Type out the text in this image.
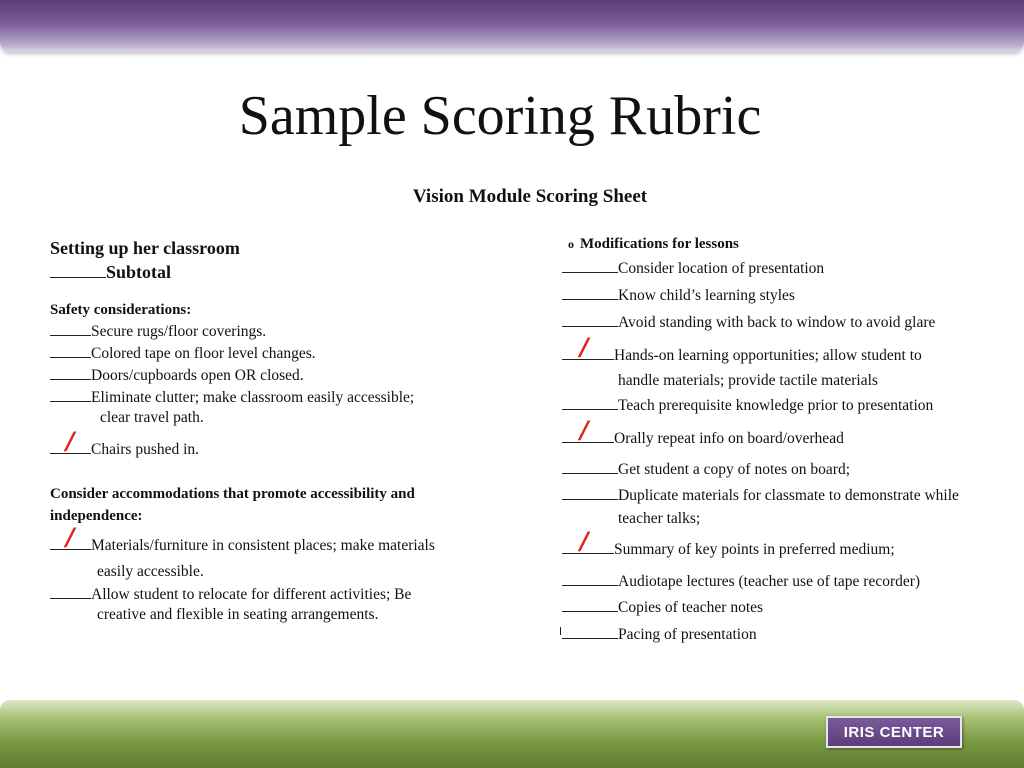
Sample Scoring Rubric
Vision Module Scoring Sheet
Setting up her classroom
Subtotal
Safety considerations:
Secure rugs/floor coverings.
Colored tape on floor level changes.
Doors/cupboards open OR closed.
Eliminate clutter; make classroom easily accessible;
clear travel path.
/ Chairs pushed in.
Consider accommodations that promote accessibility and
independence:
/ Materials/furniture in consistent places; make materials
easily accessible.
Allow student to relocate for different activities; Be
creative and flexible in seating arrangements.
o Modifications for lessons
Consider location of presentation
Know child’s learning styles
Avoid standing with back to window to avoid glare
/ Hands-on learning opportunities; allow student to
handle materials; provide tactile materials
Teach prerequisite knowledge prior to presentation
/ Orally repeat info on board/overhead
Get student a copy of notes on board;
Duplicate materials for classmate to demonstrate while
teacher talks;
/ Summary of key points in preferred medium;
Audiotape lectures (teacher use of tape recorder)
Copies of teacher notes
Pacing of presentation
IRIS CENTER
